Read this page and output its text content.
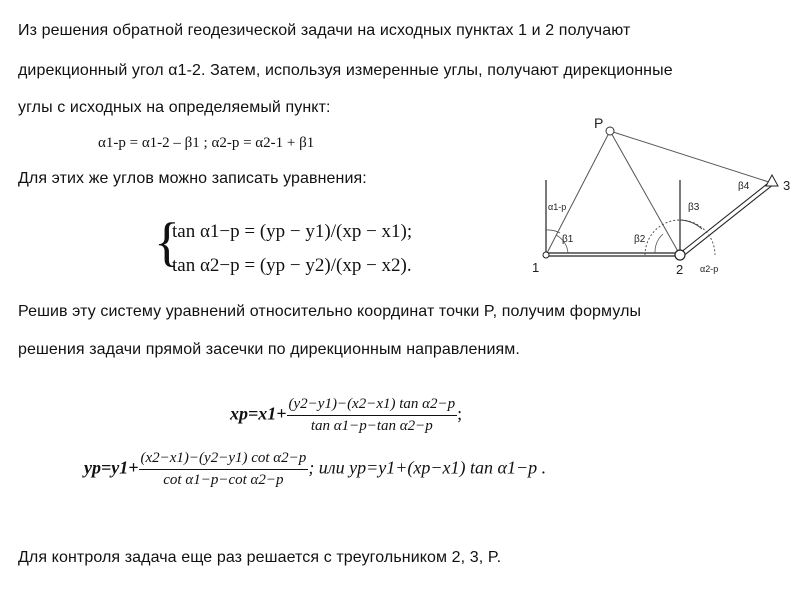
Из решения обратной геодезической задачи на исходных пунктах 1 и 2 получают
дирекционный угол α1-2. Затем, используя измеренные углы, получают дирекционные
углы с исходных на определяемый пункт:
α1-p = α1-2 – β1 ; α2-p = α2-1 + β1
Для этих же углов можно записать уравнения:
{
tan α1−p = (yp − y1)/(xp − x1);
tan α2−p = (yp − y2)/(xp − x2).
P
1	2
3
α1-p
β1	β2
β3
β4
α2-p
Решив эту систему уравнений относительно координат точки P, получим формулы
решения задачи прямой засечки по дирекционным направлениям.
$xp=x1+ \frac{\text{(y2−y1)−(x2−x1) tan α2−p}}{\text{tan α1−p−tan α2−p}}$ ;
$yp=y1+ \frac{\text{(x2−x1)−(y2−y1) cot α2−p}}{\text{cot α1−p−cot α2−p}}$ ; или yp=y1+(xp−x1) tan α1−p .
Для контроля задача еще раз решается с треугольником 2, 3, P.
